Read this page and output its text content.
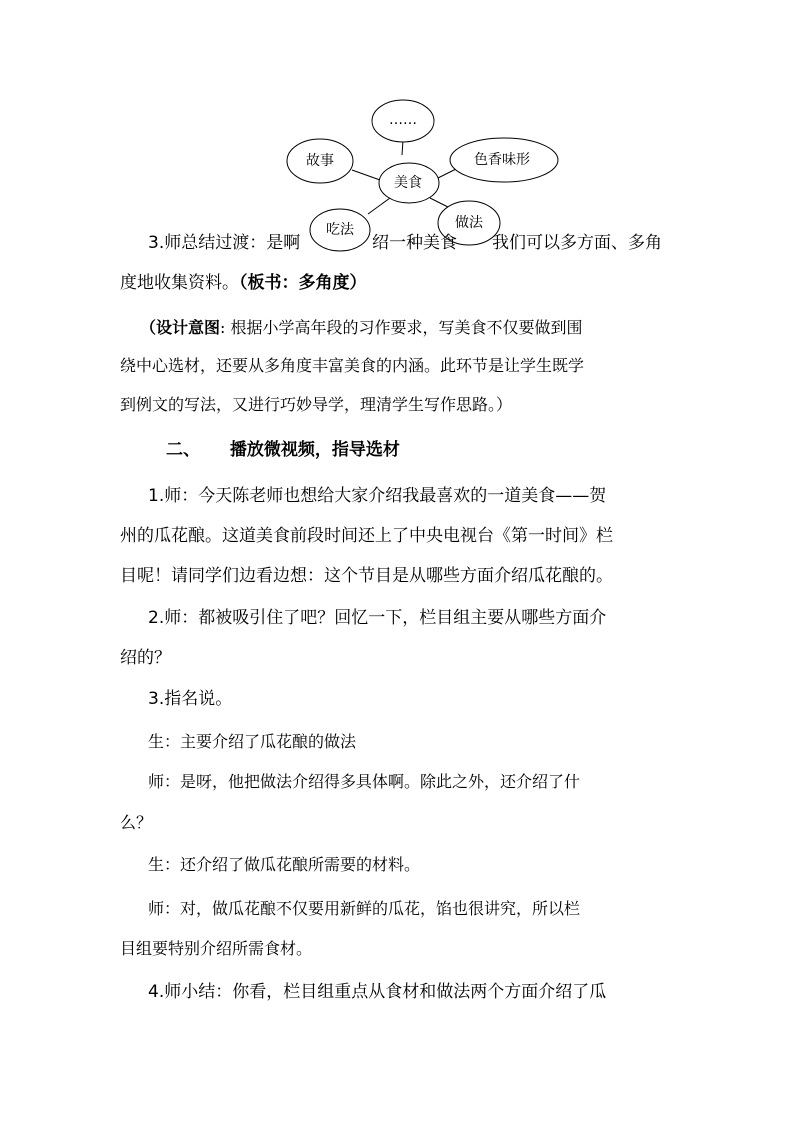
……
故事	色香味形
美食
吃法	做法
3.师总结过渡：是啊	绍一种美食 我们可以多方面、多角
度地收集资料。（板书：多角度）
（设计意图: 根据小学高年段的习作要求，写美食不仅要做到围
绕中心选材，还要从多角度丰富美食的内涵。此环节是让学生既学
到例文的写法，又进行巧妙导学，理清学生写作思路。）
二、 播放微视频，指导选材
1.师：今天陈老师也想给大家介绍我最喜欢的一道美食——贺
州的瓜花酿。这道美食前段时间还上了中央电视台《第一时间》栏
目呢！请同学们边看边想：这个节目是从哪些方面介绍瓜花酿的。
2.师：都被吸引住了吧？回忆一下，栏目组主要从哪些方面介
绍的？
3.指名说。
生：主要介绍了瓜花酿的做法
师：是呀，他把做法介绍得多具体啊。除此之外，还介绍了什
么？
生：还介绍了做瓜花酿所需要的材料。
师：对，做瓜花酿不仅要用新鲜的瓜花，馅也很讲究，所以栏
目组要特别介绍所需食材。
4.师小结：你看，栏目组重点从食材和做法两个方面介绍了瓜
